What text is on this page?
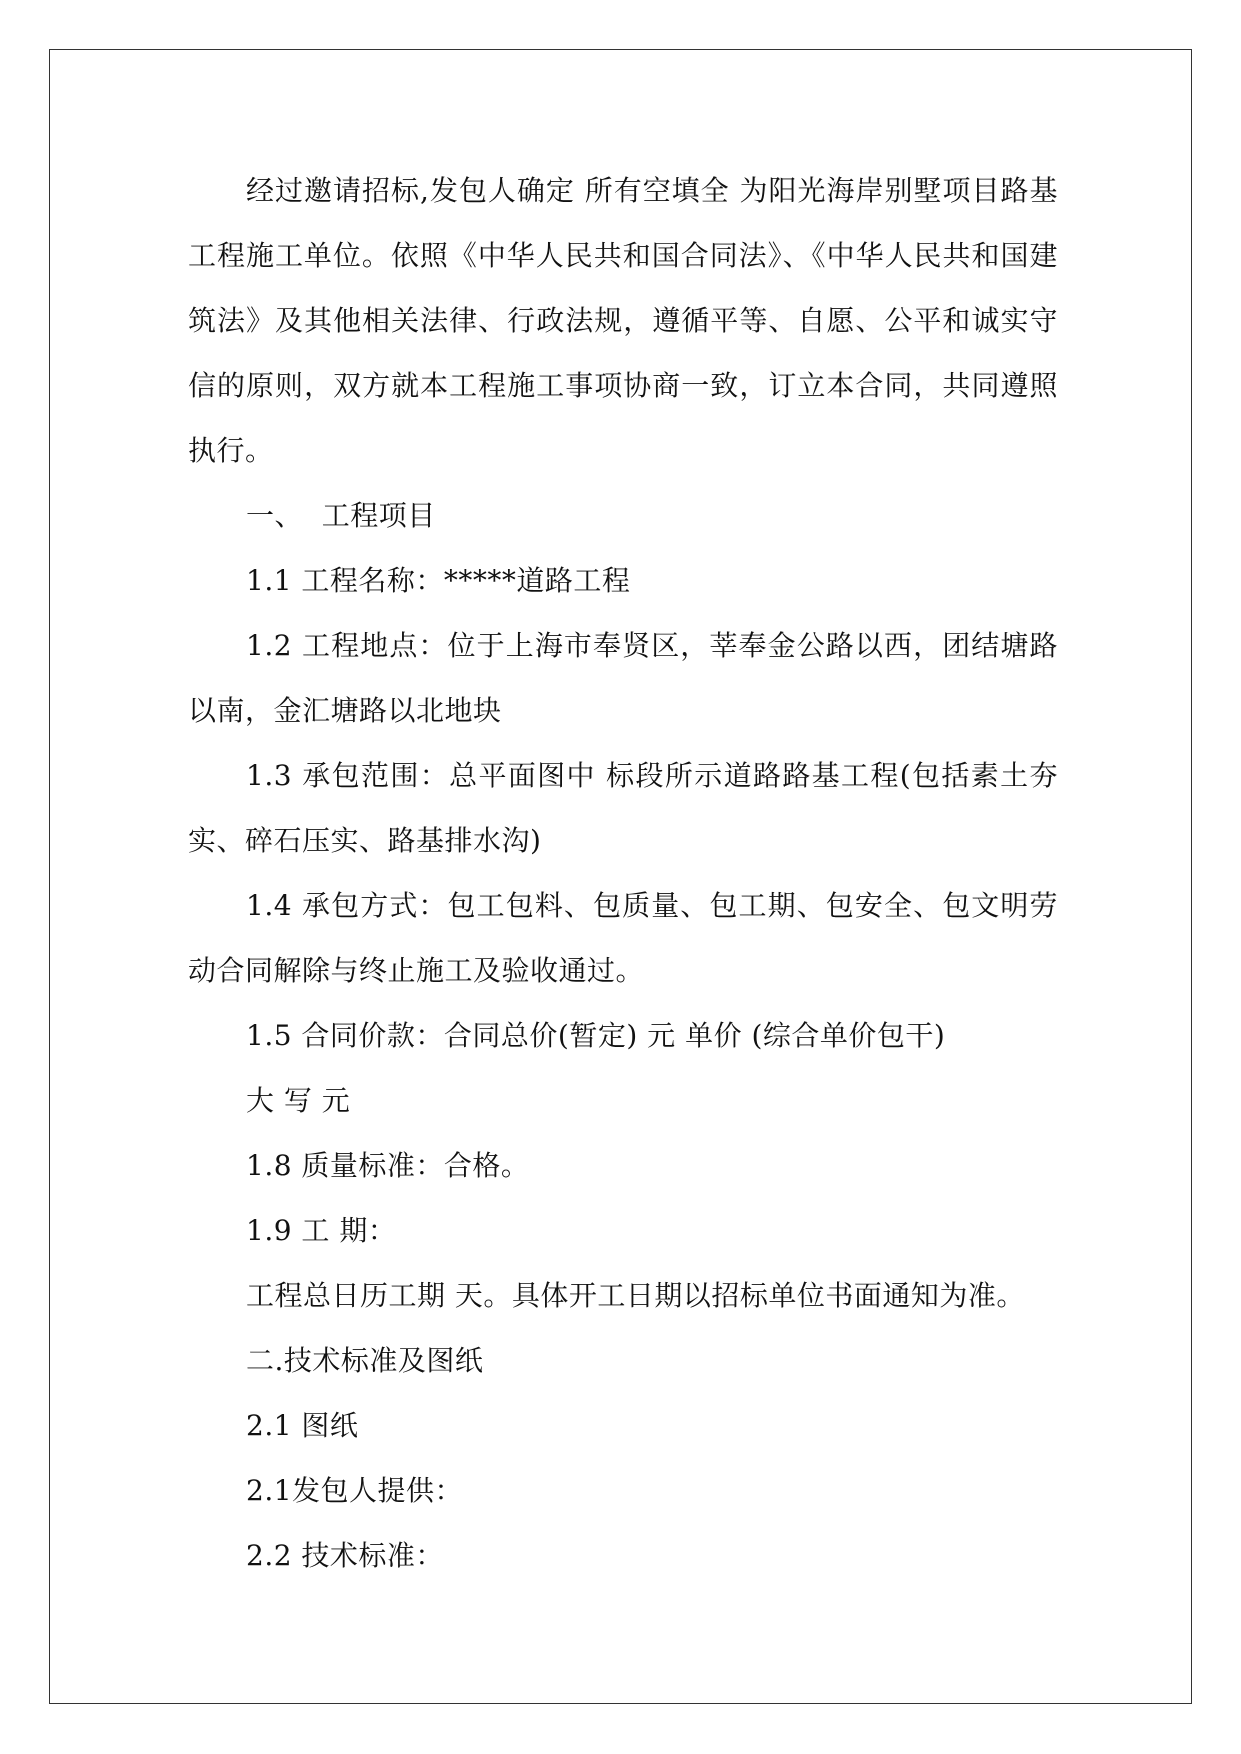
经过邀请招标,发包人确定 所有空填全 为阳光海岸别墅项目路基工程施工单位。依照《中华人民共和国合同法》、《中华人民共和国建筑法》及其他相关法律、行政法规，遵循平等、自愿、公平和诚实守信的原则，双方就本工程施工事项协商一致，订立本合同，共同遵照执行。

一、  工程项目

1.1 工程名称：*****道路工程

1.2 工程地点：位于上海市奉贤区，莘奉金公路以西，团结塘路以南，金汇塘路以北地块

1.3 承包范围：总平面图中 标段所示道路路基工程(包括素土夯实、碎石压实、路基排水沟)

1.4 承包方式：包工包料、包质量、包工期、包安全、包文明劳动合同解除与终止施工及验收通过。

1.5 合同价款：合同总价(暂定) 元 单价 (综合单价包干)

大 写 元

1.8 质量标准：合格。

1.9 工 期：

工程总日历工期 天。具体开工日期以招标单位书面通知为准。

二.技术标准及图纸

2.1 图纸

2.1发包人提供：

2.2 技术标准：
